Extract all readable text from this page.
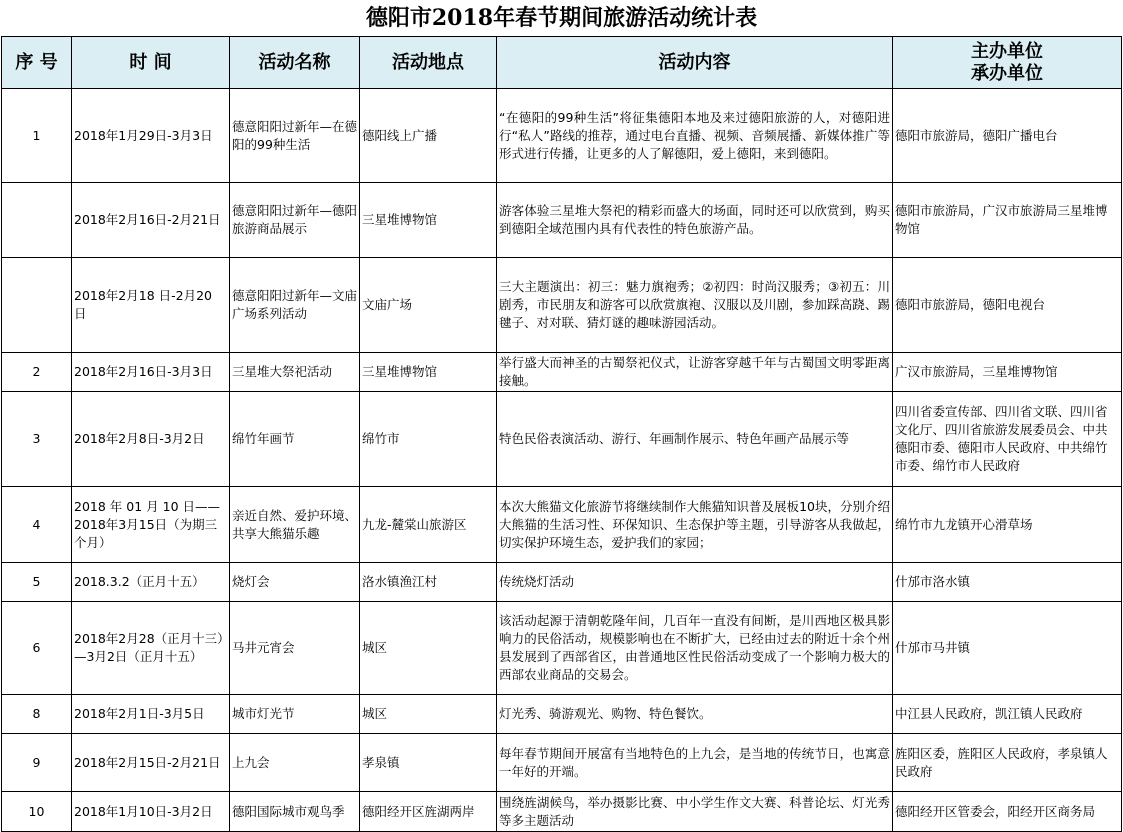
德阳市2018年春节期间旅游活动统计表
序 号	时 间	活动名称	活动地点	活动内容	主办单位
承办单位

1	2018年1月29日-3月3日	德意阳阳过新年—在德阳的99种生活	德阳线上广播	“在德阳的99种生活”将征集德阳本地及来过德阳旅游的人，对德阳进行“私人”路线的推荐，通过电台直播、视频、音频展播、新媒体推广等形式进行传播，让更多的人了解德阳，爱上德阳，来到德阳。	德阳市旅游局，德阳广播电台
	2018年2月16日-2月21日	德意阳阳过新年—德阳旅游商品展示	三星堆博物馆	游客体验三星堆大祭祀的精彩而盛大的场面，同时还可以欣赏到，购买到德阳全域范围内具有代表性的特色旅游产品。	德阳市旅游局，广汉市旅游局三星堆博物馆
	2018年2月18 日-2月20 日	德意阳阳过新年—文庙广场系列活动	文庙广场	三大主题演出：初三：魅力旗袍秀；②初四：时尚汉服秀；③初五：川剧秀，市民朋友和游客可以欣赏旗袍、汉服以及川剧，参加踩高跷、踢毽子、对对联、猜灯谜的趣味游园活动。	德阳市旅游局，德阳电视台
2	2018年2月16日-3月3日	三星堆大祭祀活动	三星堆博物馆	举行盛大而神圣的古蜀祭祀仪式，让游客穿越千年与古蜀国文明零距离接触。	广汉市旅游局，三星堆博物馆
3	2018年2月8日-3月2日	绵竹年画节	绵竹市	特色民俗表演活动、游行、年画制作展示、特色年画产品展示等	四川省委宣传部、四川省文联、四川省文化厅、四川省旅游发展委员会、中共德阳市委、德阳市人民政府、中共绵竹市委、绵竹市人民政府
4	2018 年 01 月 10 日——2018年3月15日（为期三个月）	亲近自然、爱护环境、共享大熊猫乐趣	九龙-麓棠山旅游区	本次大熊猫文化旅游节将继续制作大熊猫知识普及展板10块，分别介绍大熊猫的生活习性、环保知识、生态保护等主题，引导游客从我做起，切实保护环境生态，爱护我们的家园；	绵竹市九龙镇开心滑草场
5	2018.3.2（正月十五）	烧灯会	洛水镇渔江村	传统烧灯活动	什邡市洛水镇
6	2018年2月28（正月十三）—3月2日（正月十五）	马井元宵会	城区	该活动起源于清朝乾隆年间，几百年一直没有间断，是川西地区极具影响力的民俗活动，规模影响也在不断扩大，已经由过去的附近十余个州县发展到了西部省区，由普通地区性民俗活动变成了一个影响力极大的西部农业商品的交易会。	什邡市马井镇
8	2018年2月1日-3月5日	城市灯光节	城区	灯光秀、骑游观光、购物、特色餐饮。	中江县人民政府，凯江镇人民政府
9	2018年2月15日-2月21日	上九会	孝泉镇	每年春节期间开展富有当地特色的上九会，是当地的传统节日，也寓意一年好的开端。	旌阳区委，旌阳区人民政府，孝泉镇人民政府
10	2018年1月10日-3月2日	德阳国际城市观鸟季	德阳经开区旌湖两岸	围绕旌湖候鸟，举办摄影比赛、中小学生作文大赛、科普论坛、灯光秀等多主题活动	德阳经开区管委会，阳经开区商务局
